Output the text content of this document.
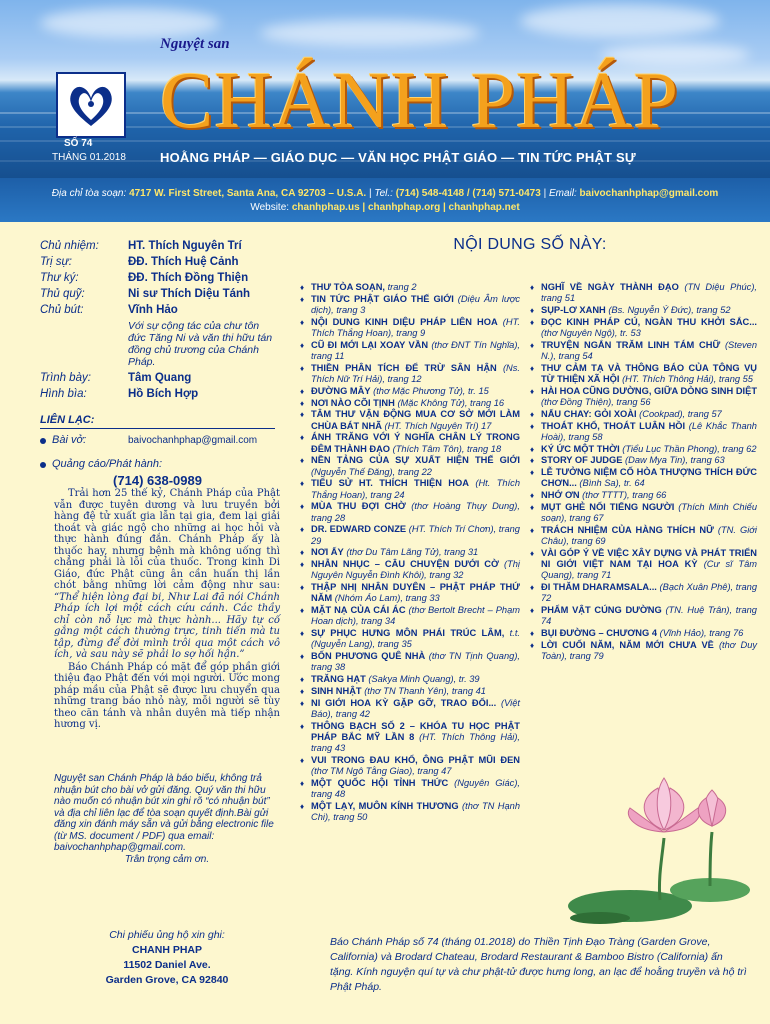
Nguyệt san
SỐ 74
THÁNG 01.2018
CHÁNH PHÁP
HOẰNG PHÁP — GIÁO DỤC — VĂN HỌC PHẬT GIÁO — TIN TỨC PHẬT SỰ
Địa chỉ tòa soạn: 4717 W. First Street, Santa Ana, CA 92703 – U.S.A. | Tel.: (714) 548-4148 / (714) 571-0473 | Email: baivochanhphap@gmail.com
Website: chanhphap.us | chanhphap.org | chanhphap.net
Chủ nhiệm:	HT. Thích Nguyên Trí
Trị sự:	ĐĐ. Thích Huệ Cảnh
Thư ký:	ĐĐ. Thích Đồng Thiện
Thủ quỹ:	Ni sư Thích Diệu Tánh
Chủ bút:	Vĩnh Hảo
Với sự cộng tác của chư tôn đức Tăng Ni và văn thi hữu tán đồng chủ trương của Chánh Pháp.
Trình bày:	Tâm Quang
Hình bìa:	Hồ Bích Hợp
LIÊN LẠC:
Bài vở:	baivochanhphap@gmail.com
Quảng cáo/Phát hành:
(714) 638-0989

Trải hơn 25 thế kỷ, Chánh Pháp của Phật vẫn được tuyên dương và lưu truyền bởi hàng đệ tử xuất gia lẫn tại gia, đem lại giải thoát và giác ngộ cho những ai học hỏi và thực hành đúng đắn. Chánh Pháp ấy là thuốc hay, nhưng bệnh mà không uống thì chẳng phải là lỗi của thuốc. Trong kinh Di Giáo, đức Phật cũng ân cần huấn thị lần chót bằng những lời cảm động như sau: “Thể hiện lòng đại bi, Như Lai đã nói Chánh Pháp ích lợi một cách cứu cánh. Các thầy chỉ còn nỗ lực mà thực hành... Hãy tự cố gắng một cách thường trực, tinh tiến mà tu tập, đừng để đời mình trôi qua một cách vô ích, và sau này sẽ phải lo sợ hối hận.”

Báo Chánh Pháp có mặt để góp phần giới thiệu đạo Phật đến với mọi người. Ước mong pháp mầu của Phật sẽ được lưu chuyển qua những trang báo nhỏ này, mỗi người sẽ tùy theo căn tánh và nhân duyên mà tiếp nhận hương vị.

Nguyệt san Chánh Pháp là báo biếu, không trả nhuận bút cho bài vở gửi đăng. Quý văn thi hữu nào muốn có nhuận bút xin ghi rõ “có nhuận bút” và địa chỉ liên lạc để tòa soạn quyết định.Bài gửi đăng xin đánh máy sẵn và gửi bằng electronic file (từ MS. document / PDF) qua email:
baivochanhphap@gmail.com.

Trân trọng cảm ơn.
Chi phiếu ủng hộ xin ghi:
CHANH PHAP
11502 Daniel Ave.
Garden Grove, CA 92840
NỘI DUNG SỐ NÀY:
♦ THƯ TÒA SOẠN, trang 2
♦ TIN TỨC PHẬT GIÁO THẾ GIỚI (Diệu Âm lược dịch), trang 3
♦ NỘI DUNG KINH DIỆU PHÁP LIÊN HOA (HT. Thích Thắng Hoan), trang 9
♦ CŨ ĐI MỚI LẠI XOAY VẦN (thơ ĐNT Tín Nghĩa), trang 11
♦ THIỀN PHÂN TÍCH ĐỂ TRỪ SÂN HẬN (Ns. Thích Nữ Trí Hải), trang 12
♦ ĐƯỜNG MÂY (thơ Mặc Phương Tử), tr. 15
♦ NƠI NÀO CÕI TỊNH (Mặc Không Tử), trang 16
♦ TÂM THƯ VẬN ĐỘNG MUA CƠ SỞ MỚI LÀM CHÙA BÁT NHÃ (HT. Thích Nguyên Trí) 17
♦ ÁNH TRĂNG VỚI Ý NGHĨA CHÂN LÝ TRONG ĐÊM THÀNH ĐẠO (Thích Tâm Tôn), trang 18
♦ NỀN TẢNG CỦA SỰ XUẤT HIỆN THẾ GIỚI (Nguyễn Thế Đăng), trang 22
♦ TIỂU SỬ HT. THÍCH THIỆN HOA (Ht. Thích Thắng Hoan), trang 24
♦ MÙA THU ĐỢI CHỜ (thơ Hoàng Thụy Dung), trang 28
♦ DR. EDWARD CONZE (HT. Thích Trí Chơn), trang 29
♦ NƠI ẤY (thơ Du Tâm Lãng Tử), trang 31
♦ NHẪN NHỤC – CÂU CHUYỆN DƯỚI CỜ (Thị Nguyên Nguyễn Đình Khôi), trang 32
♦ THẬP NHỊ NHÂN DUYÊN – PHẬT PHÁP THỨ NĂM (Nhóm Áo Lam), trang 33
♦ MẶT NẠ CỦA CÁI ÁC (thơ Bertolt Brecht – Phạm Hoan dịch), trang 34
♦ SỰ PHỤC HƯNG MÔN PHÁI TRÚC LÂM, t.t. (Nguyễn Lang), trang 35
♦ BỐN PHƯƠNG QUÊ NHÀ (thơ TN Tịnh Quang), trang 38
♦ TRĂNG HẠT (Sakya Minh Quang), tr. 39
♦ SINH NHẬT (thơ TN Thanh Yên), trang 41
♦ NI GIỚI HOA KỲ GẶP GỠ, TRAO ĐỔI... (Việt Báo), trang 42
♦ THÔNG BẠCH SỐ 2 – KHÓA TU HỌC PHẬT PHÁP BẮC MỸ LẦN 8 (HT. Thích Thông Hải), trang 43
♦ VUI TRONG ĐAU KHỔ, ÔNG PHẬT MŨI ĐEN (thơ TM Ngô Tằng Giao), trang 47
♦ MỘT QUỐC HỘI TỈNH THỨC (Nguyên Giác), trang 48
♦ MỘT LẠY, MUÔN KÍNH THƯƠNG (thơ TN Hạnh Chi), trang 50
♦ NGHĨ VỀ NGÀY THÀNH ĐẠO (TN Diệu Phúc), trang 51
♦ SỤP-LƠ XANH (Bs. Nguyễn Ý Đức), trang 52
♦ ĐỌC KINH PHÁP CÚ, NGÀN THU KHỞI SẮC... (thơ Nguyên Ngộ), tr. 53
♦ TRUYỆN NGẮN TRĂM LINH TÁM CHỮ (Steven N.), trang 54
♦ THƯ CẢM TẠ VÀ THÔNG BÁO CỦA TÔNG VỤ TỪ THIỆN XÃ HỘI (HT. Thích Thông Hải), trang 55
♦ HÀI HOA CŨNG DƯỜNG, GIỮA DÒNG SINH DIỆT (thơ Đồng Thiện), trang 56
♦ NẤU CHAY: GỎI XOÀI (Cookpad), trang 57
♦ THOÁT KHỔ, THOÁT LUÂN HỒI (Lê Khắc Thanh Hoài), trang 58
♦ KÝ ỨC MỘT THỜI (Tiểu Lục Thần Phong), trang 62
♦ STORY OF JUDGE (Daw Mya Tin), trang 63
♦ LỄ TƯỞNG NIỆM CỐ HÒA THƯỢNG THÍCH ĐỨC CHƠN... (Bình Sa), tr. 64
♦ NHỚ ƠN (thơ TTTT), trang 66
♦ MỤT GHẺ NỔI TIẾNG NGƯỜI (Thích Minh Chiếu soạn), trang 67
♦ TRÁCH NHIỆM CỦA HÀNG THÍCH NỮ (TN. Giới Châu), trang 69
♦ VÀI GÓP Ý VỀ VIỆC XÂY DỰNG VÀ PHÁT TRIỂN NI GIỚI VIỆT NAM TẠI HOA KỲ (Cư sĩ Tâm Quang), trang 71
♦ ĐI THĂM DHARAMSALA... (Bạch Xuân Phê), trang 72
♦ PHẨM VẬT CÚNG DƯỜNG (TN. Huệ Trân), trang 74
♦ BỤI ĐƯỜNG – CHƯƠNG 4 (Vĩnh Hảo), trang 76
♦ LỜI CUỐI NĂM, NĂM MỚI CHƯA VỀ (thơ Duy Toàn), trang 79
Báo Chánh Pháp số 74 (tháng 01.2018) do Thiền Tịnh Đạo Tràng (Garden Grove, California) và Brodard Chateau, Brodard Restaurant & Bamboo Bistro (California) ấn tặng. Kính nguyện quí tự và chư phật-tử được hưng long, an lạc để hoằng truyền và hộ trì Phật Pháp.
